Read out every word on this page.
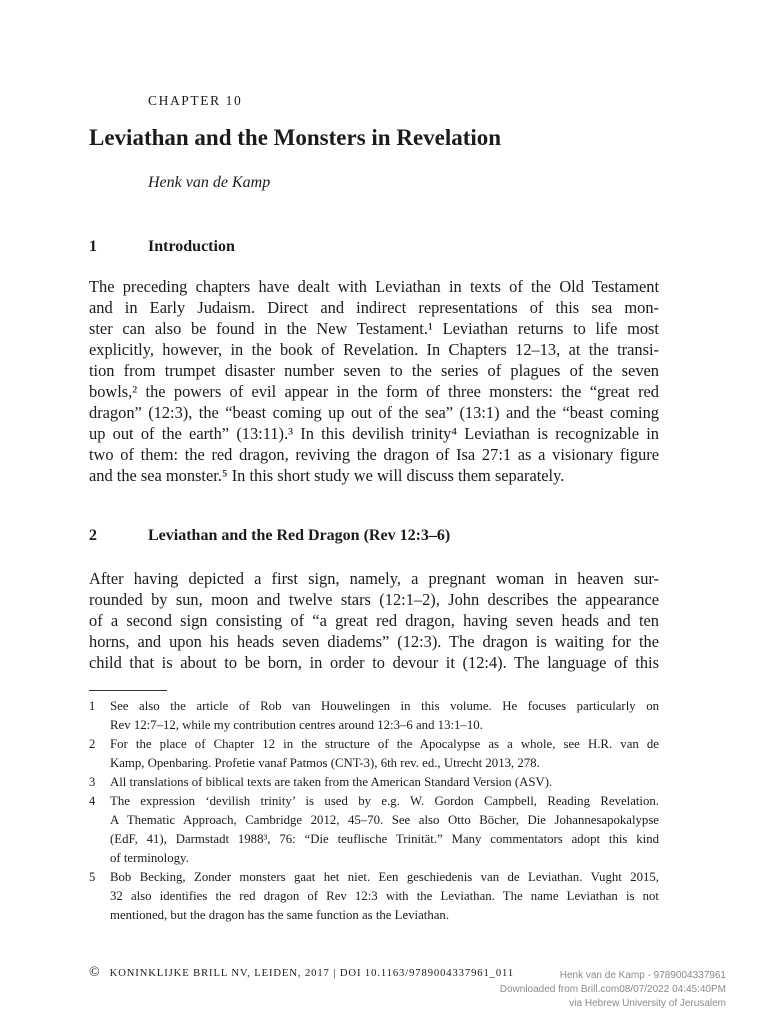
CHAPTER 10
Leviathan and the Monsters in Revelation
Henk van de Kamp
1	Introduction
The preceding chapters have dealt with Leviathan in texts of the Old Testament
and in Early Judaism. Direct and indirect representations of this sea mon-
ster can also be found in the New Testament.¹ Leviathan returns to life most
explicitly, however, in the book of Revelation. In Chapters 12–13, at the transi-
tion from trumpet disaster number seven to the series of plagues of the seven
bowls,² the powers of evil appear in the form of three monsters: the “great red
dragon” (12:3), the “beast coming up out of the sea” (13:1) and the “beast coming
up out of the earth” (13:11).³ In this devilish trinity⁴ Leviathan is recognizable in
two of them: the red dragon, reviving the dragon of Isa 27:1 as a visionary figure
and the sea monster.⁵ In this short study we will discuss them separately.
2	Leviathan and the Red Dragon (Rev 12:3–6)
After having depicted a first sign, namely, a pregnant woman in heaven sur-
rounded by sun, moon and twelve stars (12:1–2), John describes the appearance
of a second sign consisting of “a great red dragon, having seven heads and ten
horns, and upon his heads seven diadems” (12:3). The dragon is waiting for the
child that is about to be born, in order to devour it (12:4). The language of this
1 See also the article of Rob van Houwelingen in this volume. He focuses particularly on
Rev 12:7–12, while my contribution centres around 12:3–6 and 13:1–10.
2 For the place of Chapter 12 in the structure of the Apocalypse as a whole, see H.R. van de
Kamp, Openbaring. Profetie vanaf Patmos (CNT-3), 6th rev. ed., Utrecht 2013, 278.
3 All translations of biblical texts are taken from the American Standard Version (ASV).
4 The expression ‘devilish trinity’ is used by e.g. W. Gordon Campbell, Reading Revelation.
A Thematic Approach, Cambridge 2012, 45–70. See also Otto Böcher, Die Johannesapokalypse
(EdF, 41), Darmstadt 1988³, 76: “Die teuflische Trinität.” Many commentators adopt this kind
of terminology.
5 Bob Becking, Zonder monsters gaat het niet. Een geschiedenis van de Leviathan. Vught 2015,
32 also identifies the red dragon of Rev 12:3 with the Leviathan. The name Leviathan is not
mentioned, but the dragon has the same function as the Leviathan.
© KONINKLIJKE BRILL NV, LEIDEN, 2017 | DOI 10.1163/9789004337961_011	Henk van de Kamp - 9789004337961
Downloaded from Brill.com08/07/2022 04:45:40PM
via Hebrew University of Jerusalem
